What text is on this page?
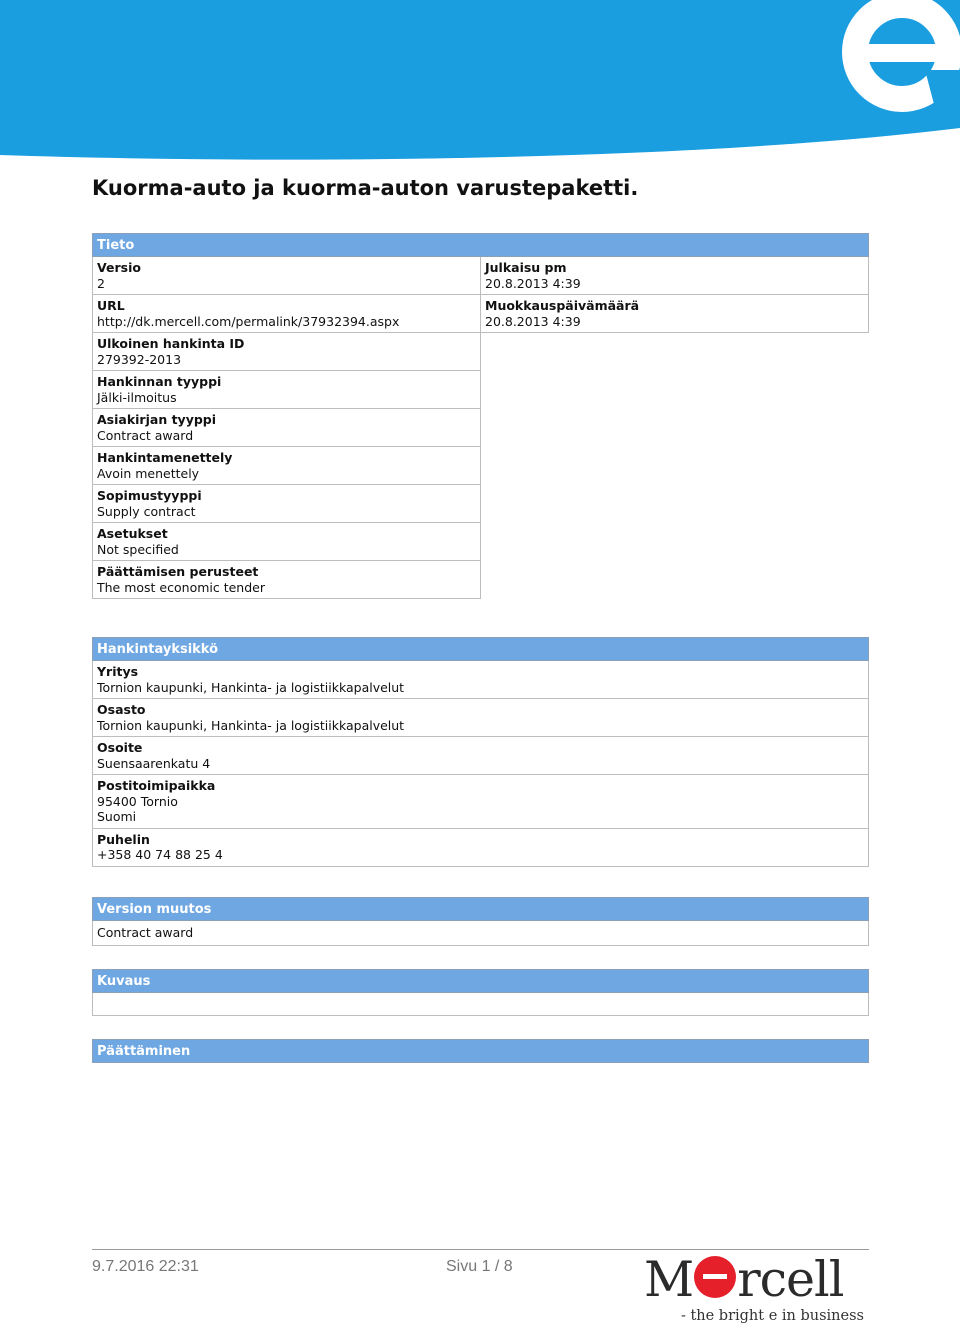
Kuorma-auto ja kuorma-auton varustepaketti.
Tieto
Versio
2
URL
http://dk.mercell.com/permalink/37932394.aspx
Ulkoinen hankinta ID
279392-2013
Hankinnan tyyppi
Jälki-ilmoitus
Asiakirjan tyyppi
Contract award
Hankintamenettely
Avoin menettely
Sopimustyyppi
Supply contract
Asetukset
Not specified
Päättämisen perusteet
The most economic tender
Julkaisu pm
20.8.2013 4:39
Muokkauspäivämäärä
20.8.2013 4:39
Hankintayksikkö
Yritys
Tornion kaupunki, Hankinta- ja logistiikkapalvelut
Osasto
Tornion kaupunki, Hankinta- ja logistiikkapalvelut
Osoite
Suensaarenkatu 4
Postitoimipaikka
95400 Tornio
Suomi
Puhelin
+358 40 74 88 25 4
Version muutos
Contract award
Kuvaus
Päättäminen
9.7.2016 22:31	Sivu 1 / 8	M rcell
- the bright e in business
